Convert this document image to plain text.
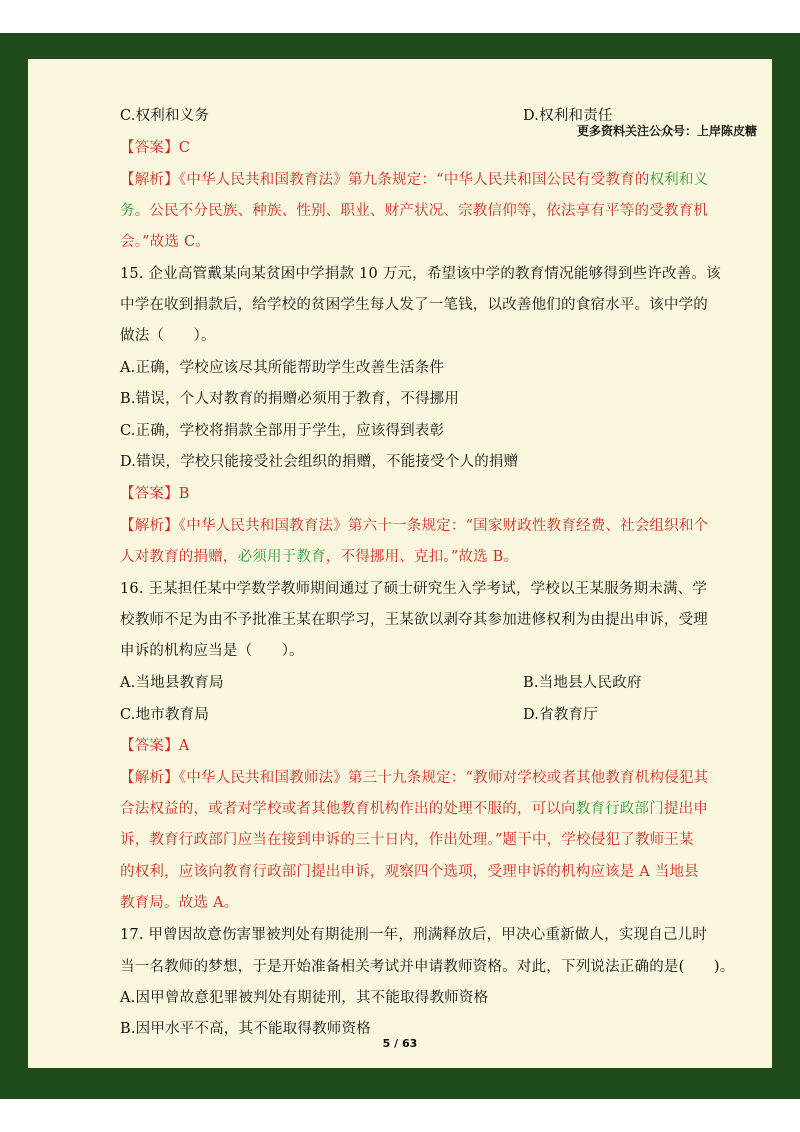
更多资料关注公众号：上岸陈皮糖
C.权利和义务	D.权利和责任
【答案】C
【解析】《中华人民共和国教育法》第九条规定：“中华人民共和国公民有受教育的权利和义
务。公民不分民族、种族、性别、职业、财产状况、宗教信仰等，依法享有平等的受教育机
会。”故选 C。
15. 企业高管戴某向某贫困中学捐款 10 万元，希望该中学的教育情况能够得到些许改善。该
中学在收到捐款后，给学校的贫困学生每人发了一笔钱，以改善他们的食宿水平。该中学的
做法（　　）。
A.正确，学校应该尽其所能帮助学生改善生活条件
B.错误，个人对教育的捐赠必须用于教育，不得挪用
C.正确，学校将捐款全部用于学生，应该得到表彰
D.错误，学校只能接受社会组织的捐赠，不能接受个人的捐赠
【答案】B
【解析】《中华人民共和国教育法》第六十一条规定：“国家财政性教育经费、社会组织和个
人对教育的捐赠，必须用于教育，不得挪用、克扣。”故选 B。
16. 王某担任某中学数学教师期间通过了硕士研究生入学考试，学校以王某服务期未满、学
校教师不足为由不予批准王某在职学习，王某欲以剥夺其参加进修权利为由提出申诉，受理
申诉的机构应当是（　　）。
A.当地县教育局	B.当地县人民政府
C.地市教育局	D.省教育厅
【答案】A
【解析】《中华人民共和国教师法》第三十九条规定：“教师对学校或者其他教育机构侵犯其
合法权益的，或者对学校或者其他教育机构作出的处理不服的，可以向教育行政部门提出申
诉，教育行政部门应当在接到申诉的三十日内，作出处理。”题干中，学校侵犯了教师王某
的权利，应该向教育行政部门提出申诉，观察四个选项，受理申诉的机构应该是 A 当地县
教育局。故选 A。
17. 甲曾因故意伤害罪被判处有期徒刑一年，刑满释放后，甲决心重新做人，实现自己儿时
当一名教师的梦想，于是开始准备相关考试并申请教师资格。对此，下列说法正确的是(　　)。
A.因甲曾故意犯罪被判处有期徒刑，其不能取得教师资格
B.因甲水平不高，其不能取得教师资格
5 / 63
